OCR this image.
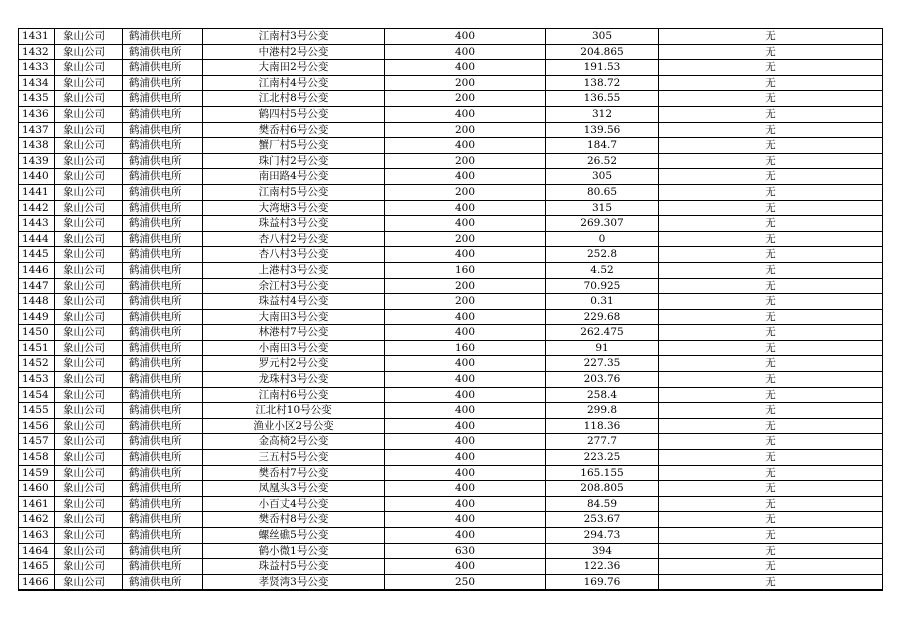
1431	象山公司	鹤浦供电所	江南村3号公变	400	305	无
1432	象山公司	鹤浦供电所	中港村2号公变	400	204.865	无
1433	象山公司	鹤浦供电所	大南田2号公变	400	191.53	无
1434	象山公司	鹤浦供电所	江南村4号公变	200	138.72	无
1435	象山公司	鹤浦供电所	江北村8号公变	200	136.55	无
1436	象山公司	鹤浦供电所	鹤四村5号公变	400	312	无
1437	象山公司	鹤浦供电所	樊岙村6号公变	200	139.56	无
1438	象山公司	鹤浦供电所	蟹厂村5号公变	400	184.7	无
1439	象山公司	鹤浦供电所	珠门村2号公变	200	26.52	无
1440	象山公司	鹤浦供电所	南田路4号公变	400	305	无
1441	象山公司	鹤浦供电所	江南村5号公变	200	80.65	无
1442	象山公司	鹤浦供电所	大湾塘3号公变	400	315	无
1443	象山公司	鹤浦供电所	珠益村3号公变	400	269.307	无
1444	象山公司	鹤浦供电所	杏八村2号公变	200	0	无
1445	象山公司	鹤浦供电所	杏八村3号公变	400	252.8	无
1446	象山公司	鹤浦供电所	上港村3号公变	160	4.52	无
1447	象山公司	鹤浦供电所	余江村3号公变	200	70.925	无
1448	象山公司	鹤浦供电所	珠益村4号公变	200	0.31	无
1449	象山公司	鹤浦供电所	大南田3号公变	400	229.68	无
1450	象山公司	鹤浦供电所	林港村7号公变	400	262.475	无
1451	象山公司	鹤浦供电所	小南田3号公变	160	91	无
1452	象山公司	鹤浦供电所	罗元村2号公变	400	227.35	无
1453	象山公司	鹤浦供电所	龙珠村3号公变	400	203.76	无
1454	象山公司	鹤浦供电所	江南村6号公变	400	258.4	无
1455	象山公司	鹤浦供电所	江北村10号公变	400	299.8	无
1456	象山公司	鹤浦供电所	渔业小区2号公变	400	118.36	无
1457	象山公司	鹤浦供电所	金高椅2号公变	400	277.7	无
1458	象山公司	鹤浦供电所	三五村5号公变	400	223.25	无
1459	象山公司	鹤浦供电所	樊岙村7号公变	400	165.155	无
1460	象山公司	鹤浦供电所	凤凰头3号公变	400	208.805	无
1461	象山公司	鹤浦供电所	小百丈4号公变	400	84.59	无
1462	象山公司	鹤浦供电所	樊岙村8号公变	400	253.67	无
1463	象山公司	鹤浦供电所	螺丝礁5号公变	400	294.73	无
1464	象山公司	鹤浦供电所	鹤小微1号公变	630	394	无
1465	象山公司	鹤浦供电所	珠益村5号公变	400	122.36	无
1466	象山公司	鹤浦供电所	孝贤湾3号公变	250	169.76	无
